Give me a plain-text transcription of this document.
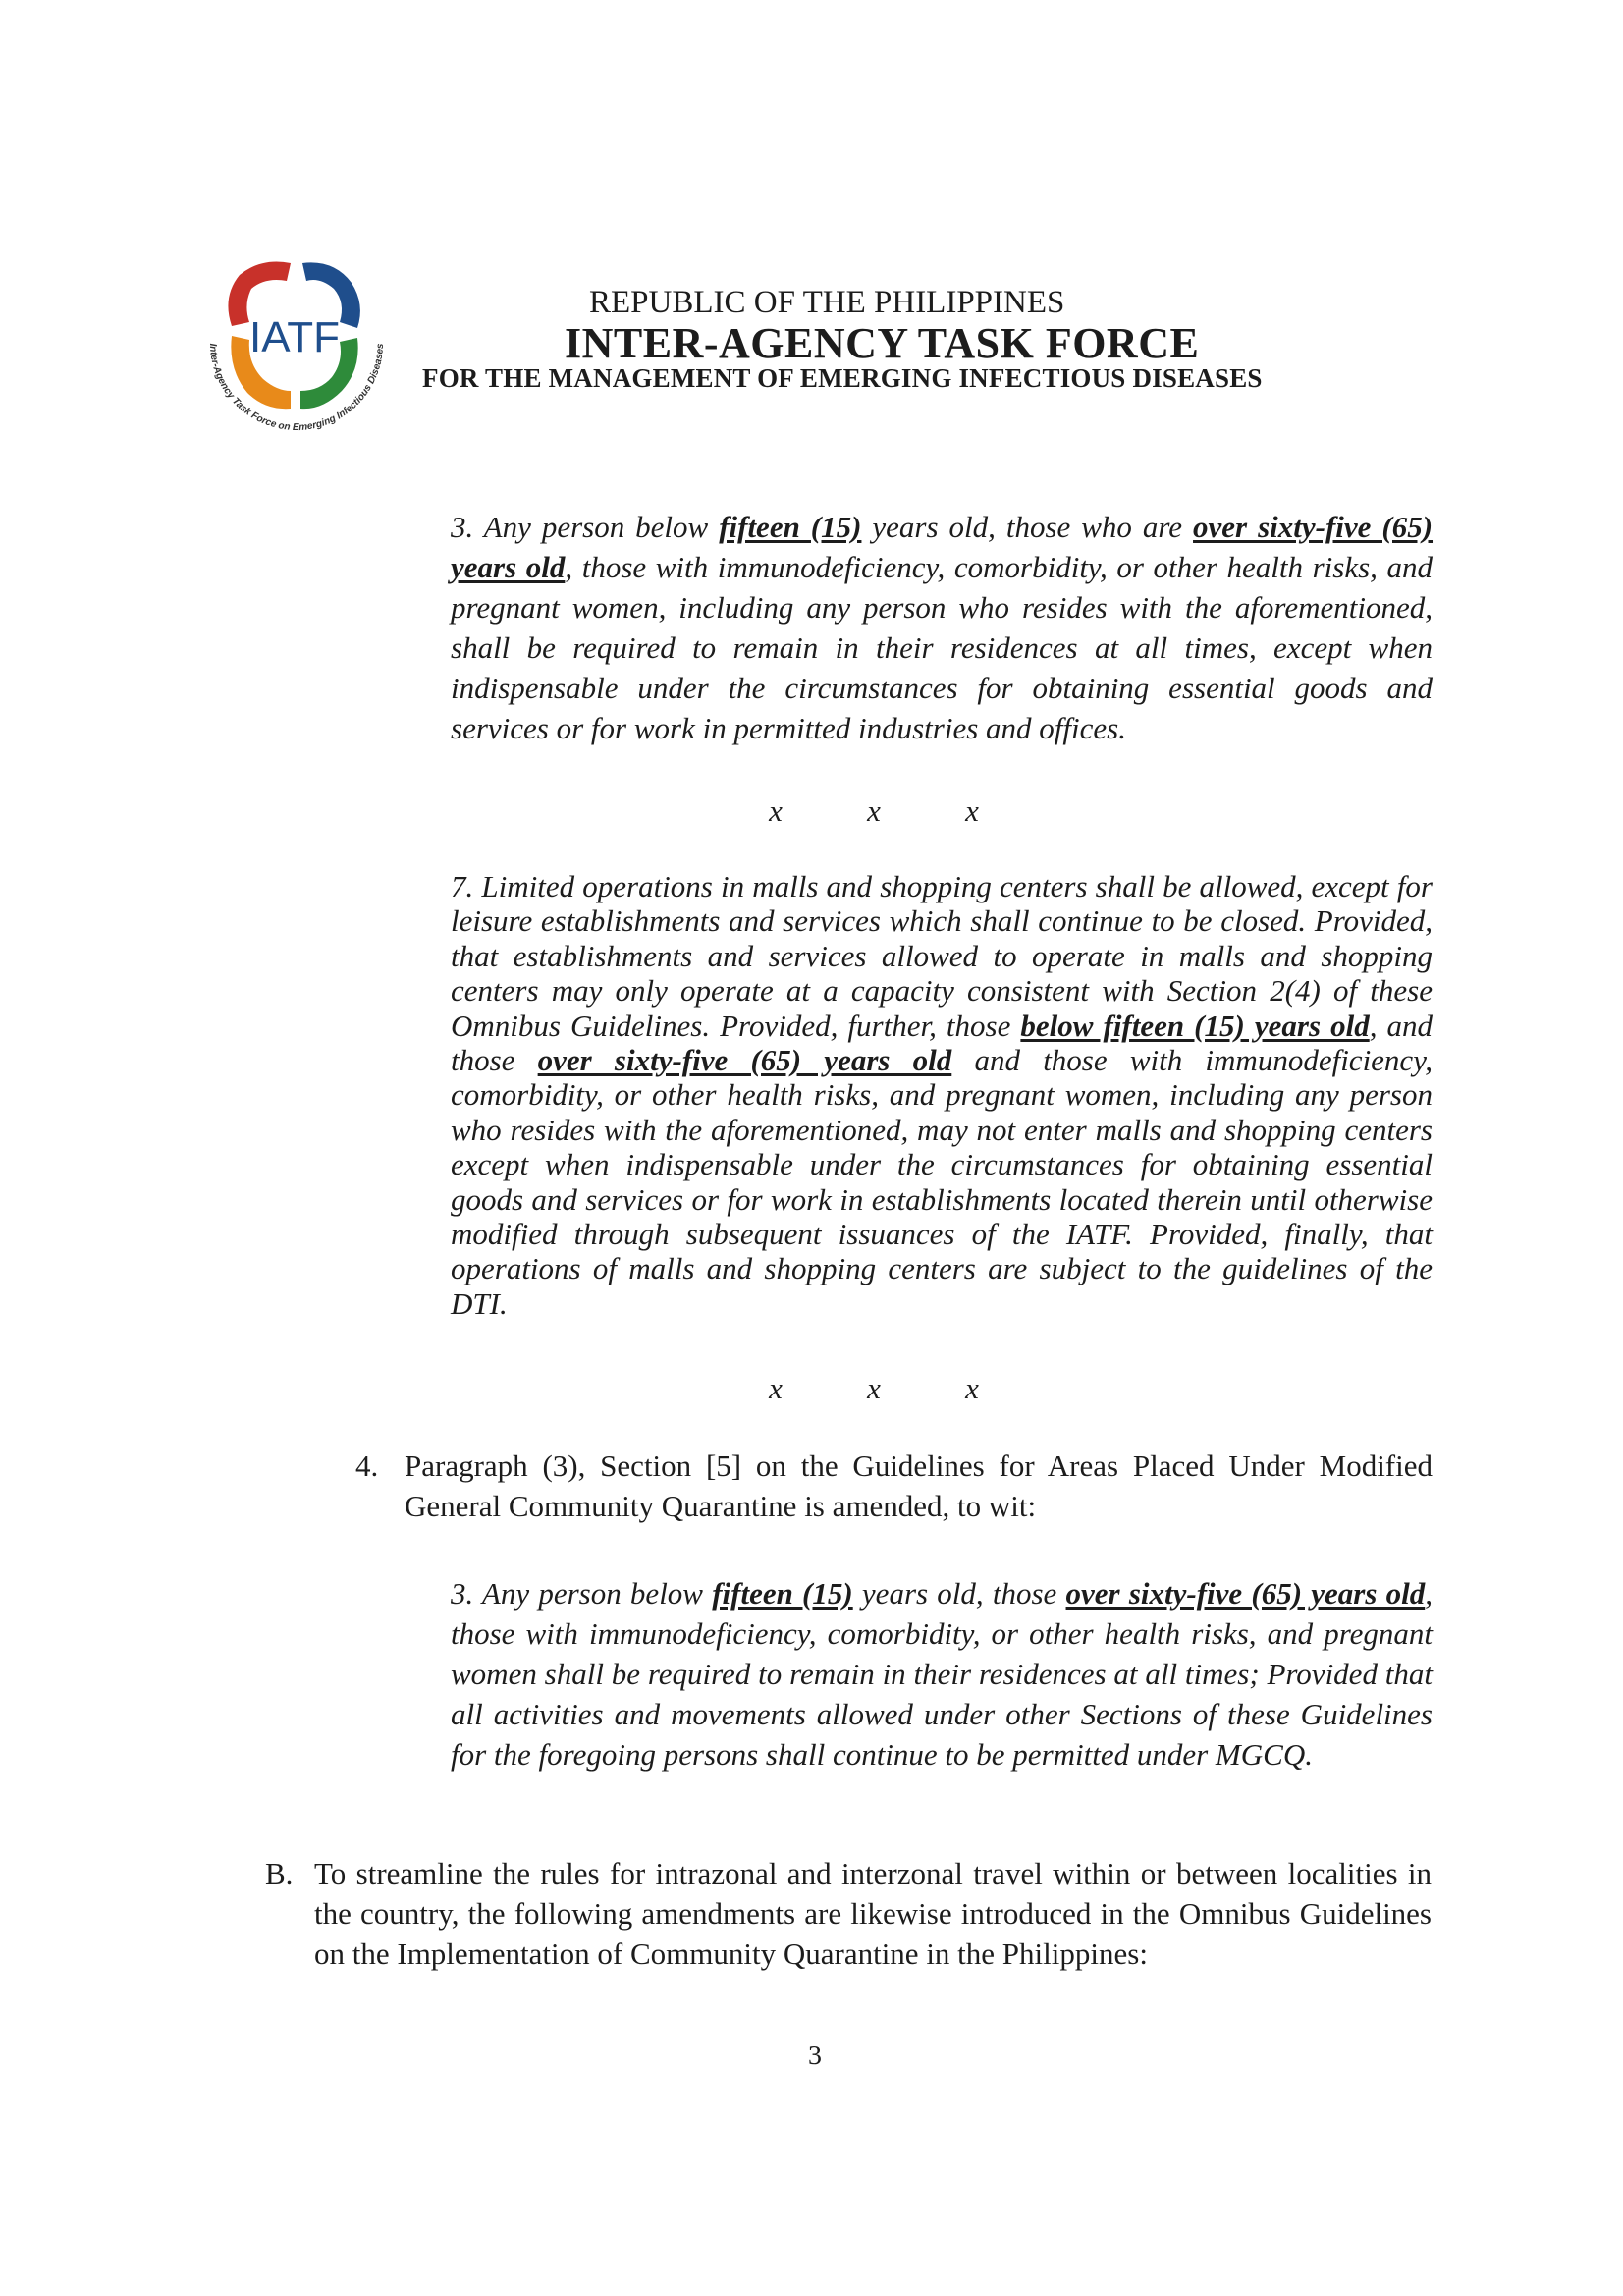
IATF
Inter-Agency Task Force on Emerging Infectious Diseases
REPUBLIC OF THE PHILIPPINES
INTER-AGENCY TASK FORCE
FOR THE MANAGEMENT OF EMERGING INFECTIOUS DISEASES

3. Any person below fifteen (15) years old, those who are over sixty-five (65) years old, those with immunodeficiency, comorbidity, or other health risks, and pregnant women, including any person who resides with the aforementioned, shall be required to remain in their residences at all times, except when indispensable under the circumstances for obtaining essential goods and services or for work in permitted industries and offices.

x	x	x

7. Limited operations in malls and shopping centers shall be allowed, except for leisure establishments and services which shall continue to be closed. Provided, that establishments and services allowed to operate in malls and shopping centers may only operate at a capacity consistent with Section 2(4) of these Omnibus Guidelines. Provided, further, those below fifteen (15) years old, and those over sixty-five (65) years old and those with immunodeficiency, comorbidity, or other health risks, and pregnant women, including any person who resides with the aforementioned, may not enter malls and shopping centers except when indispensable under the circumstances for obtaining essential goods and services or for work in establishments located therein until otherwise modified through subsequent issuances of the IATF. Provided, finally, that operations of malls and shopping centers are subject to the guidelines of the DTI.

x	x	x
4. Paragraph (3), Section [5] on the Guidelines for Areas Placed Under Modified General Community Quarantine is amended, to wit:

3. Any person below fifteen (15) years old, those over sixty-five (65) years old, those with immunodeficiency, comorbidity, or other health risks, and pregnant women shall be required to remain in their residences at all times; Provided that all activities and movements allowed under other Sections of these Guidelines for the foregoing persons shall continue to be permitted under MGCQ.

B. To streamline the rules for intrazonal and interzonal travel within or between localities in the country, the following amendments are likewise introduced in the Omnibus Guidelines on the Implementation of Community Quarantine in the Philippines:
3
